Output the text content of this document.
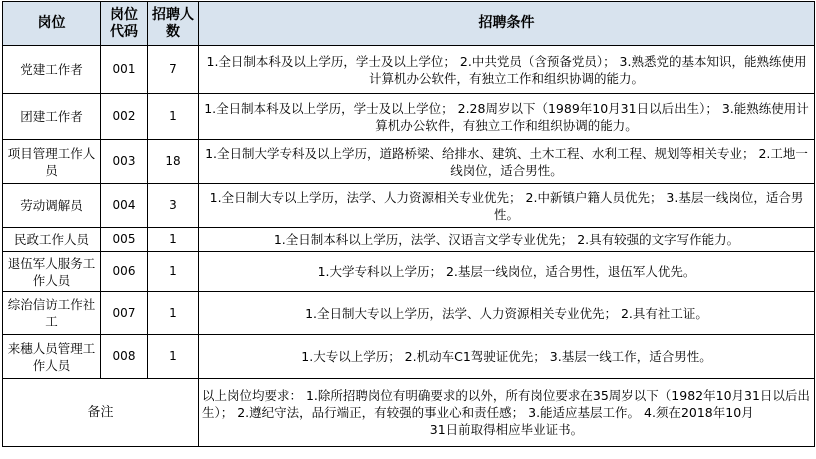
岗位	岗位代码	招聘人数	招聘条件
党建工作者	001	7	1.全日制本科及以上学历，学士及以上学位； 2.中共党员（含预备党员）； 3.熟悉党的基本知识，能熟练使用计算机办公软件，有独立工作和组织协调的能力。
团建工作者	002	1	1.全日制本科及以上学历，学士及以上学位； 2.28周岁以下（1989年10月31日以后出生）； 3.能熟练使用计算机办公软件，有独立工作和组织协调的能力。
项目管理工作人员	003	18	1.全日制大学专科及以上学历，道路桥梁、给排水、建筑、土木工程、水利工程、规划等相关专业； 2.工地一线岗位，适合男性。
劳动调解员	004	3	1.全日制大专以上学历，法学、人力资源相关专业优先； 2.中新镇户籍人员优先； 3.基层一线岗位，适合男性。
民政工作人员	005	1	1.全日制本科以上学历，法学、汉语言文学专业优先； 2.具有较强的文字写作能力。
退伍军人服务工作人员	006	1	1.大学专科以上学历； 2.基层一线岗位，适合男性，退伍军人优先。
综治信访工作社工	007	1	1.全日制大专以上学历，法学、人力资源相关专业优先； 2.具有社工证。
来穗人员管理工作人员	008	1	1.大专以上学历； 2.机动车C1驾驶证优先； 3.基层一线工作，适合男性。
备注			以上岗位均要求： 1.除所招聘岗位有明确要求的以外，所有岗位要求在35周岁以下（1982年10月31日以后出生）； 2.遵纪守法，品行端正，有较强的事业心和责任感； 3.能适应基层工作。 4.须在2018年10月
31日前取得相应毕业证书。
